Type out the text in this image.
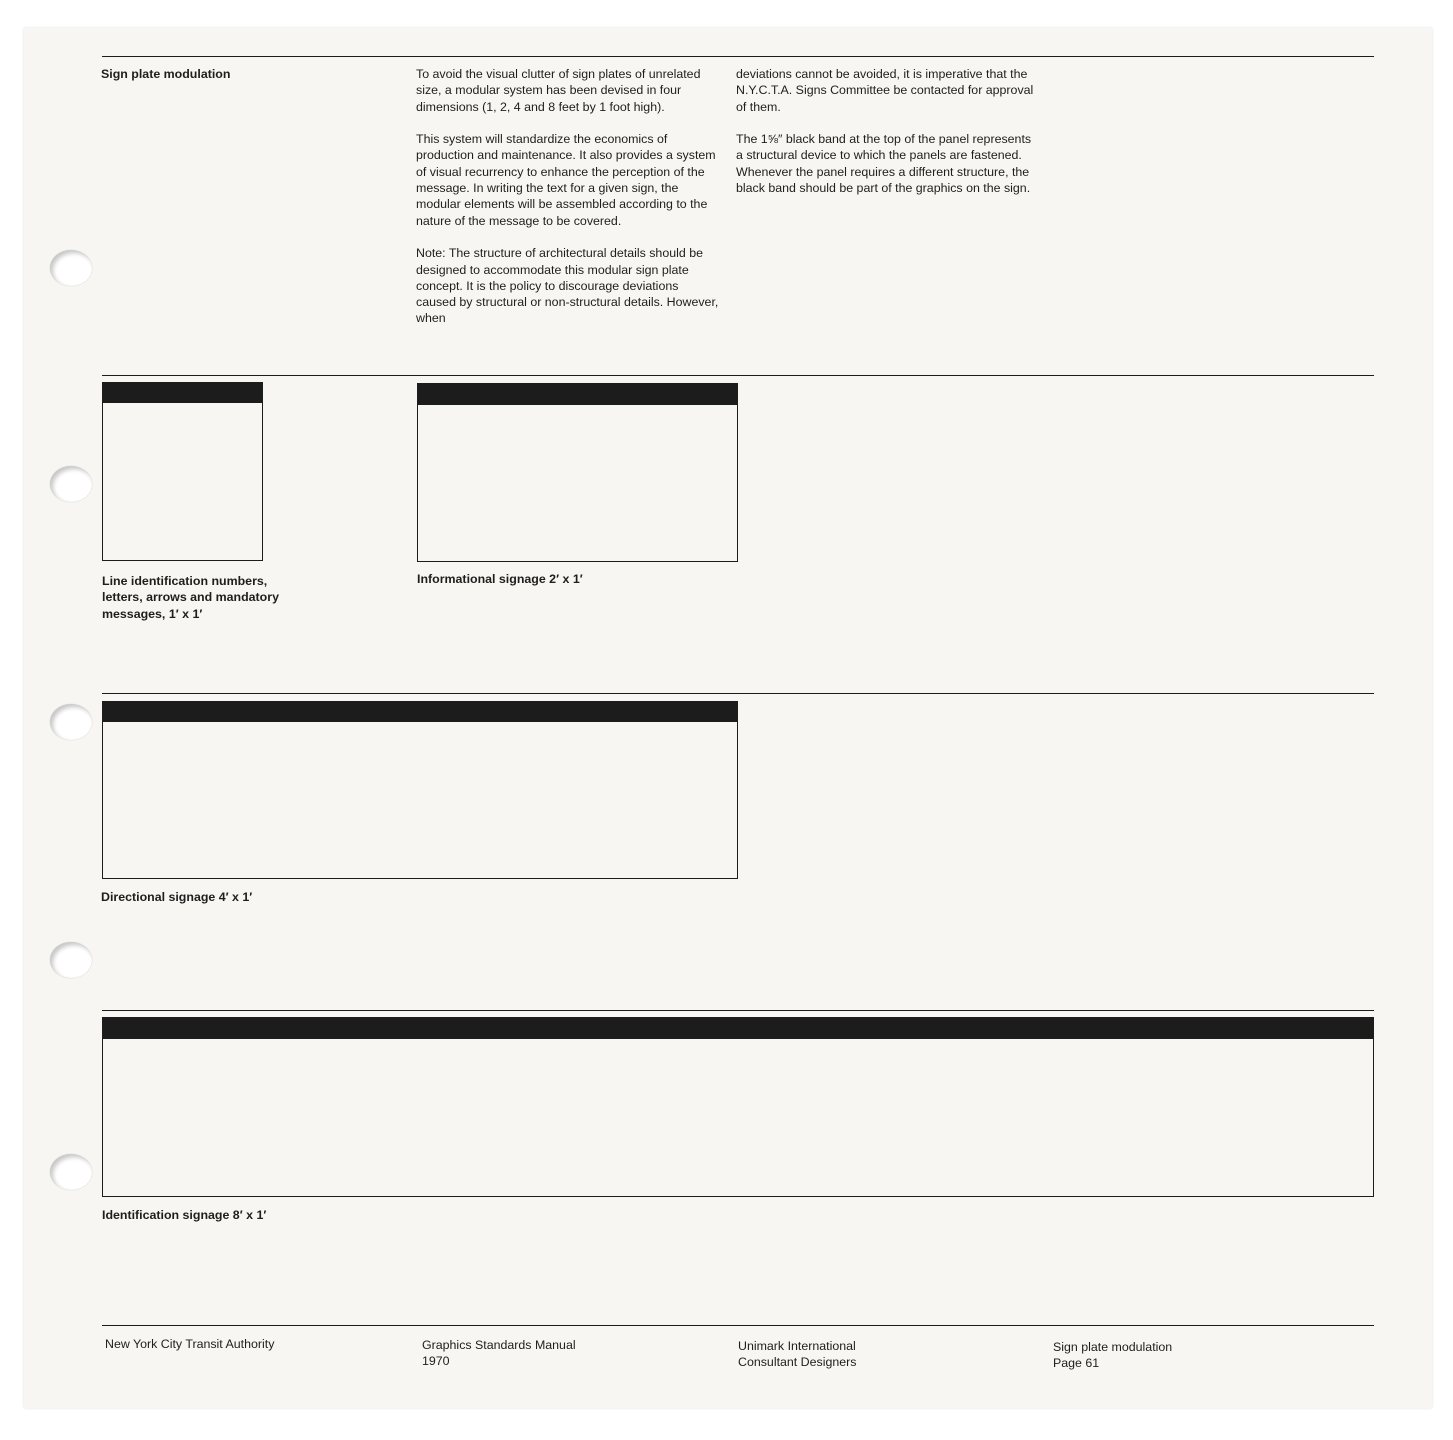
Sign plate modulation	To avoid the visual clutter of sign plates of unrelated size, a modular system has been devised in four dimensions (1, 2, 4 and 8 feet by 1 foot high).

This system will standardize the economics of production and maintenance. It also provides a system of visual recurrency to enhance the perception of the message. In writing the text for a given sign, the modular elements will be assembled according to the nature of the message to be covered.

Note: The structure of architectural details should be designed to accommodate this modular sign plate concept. It is the policy to discourage deviations caused by structural or non-structural details. However, when

deviations cannot be avoided, it is imperative that the N.Y.C.T.A. Signs Committee be contacted for approval of them.

The 1⅝″ black band at the top of the panel represents a structural device to which the panels are fastened. Whenever the panel requires a different structure, the black band should be part of the graphics on the sign.

Line identification numbers, letters, arrows and mandatory messages, 1′ x 1′
Informational signage 2′ x 1′
Directional signage 4′ x 1′
Identification signage 8′ x 1′
New York City Transit Authority	Graphics Standards Manual
1970
Unimark International
Consultant Designers
Sign plate modulation
Page 61
